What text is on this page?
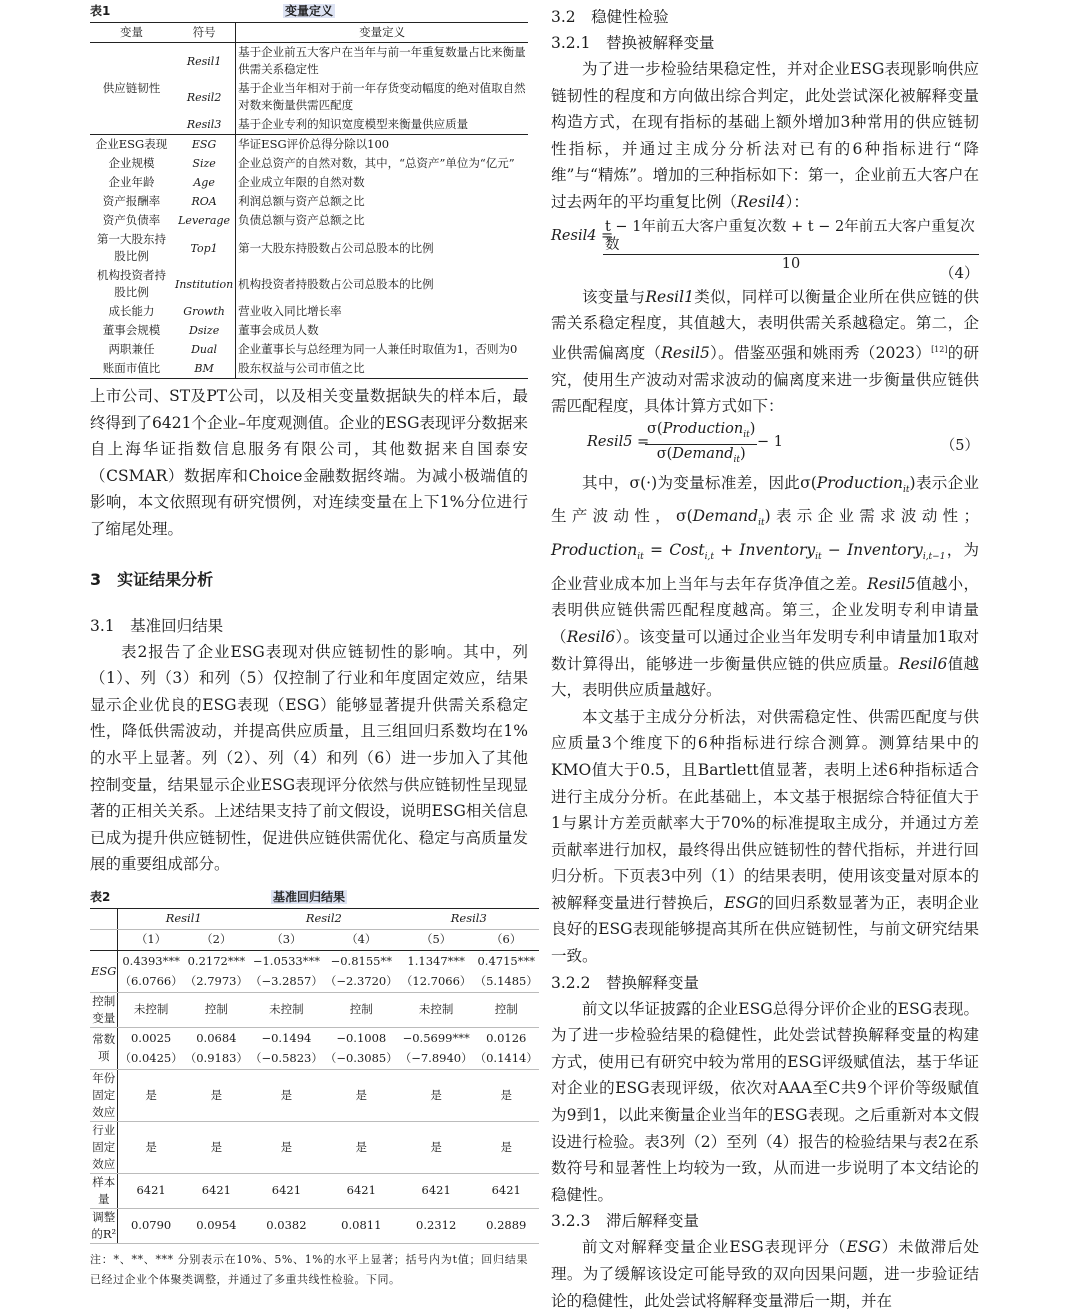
表1	变量定义
变量	符号	变量定义
供应链韧性	Resil1	基于企业前五大客户在当年与前一年重复数量占比来衡量供需关系稳定性
	Resil2	基于企业当年相对于前一年存货变动幅度的绝对值取自然对数来衡量供需匹配度
	Resil3	基于企业专利的知识宽度模型来衡量供应质量
企业ESG表现	ESG	华证ESG评价总得分除以100
企业规模	Size	企业总资产的自然对数，其中，“总资产”单位为“亿元”
企业年龄	Age	企业成立年限的自然对数
资产报酬率	ROA	利润总额与资产总额之比
资产负债率	Leverage	负债总额与资产总额之比
第一大股东持股比例	Top1	第一大股东持股数占公司总股本的比例
机构投资者持股比例	Institution	机构投资者持股数占公司总股本的比例
成长能力	Growth	营业收入同比增长率
董事会规模	Dsize	董事会成员人数
两职兼任	Dual	企业董事长与总经理为同一人兼任时取值为1，否则为0
账面市值比	BM	股东权益与公司市值之比

上市公司、ST及PT公司，以及相关变量数据缺失的样本后，最终得到了6421个企业–年度观测值。企业的ESG表现评分数据来自上海华证指数信息服务有限公司，其他数据来自国泰安（CSMAR）数据库和Choice金融数据终端。为减小极端值的影响，本文依照现有研究惯例，对连续变量在上下1%分位进行了缩尾处理。

3　实证结果分析
3.1　基准回归结果

表2报告了企业ESG表现对供应链韧性的影响。其中，列（1）、列（3）和列（5）仅控制了行业和年度固定效应，结果显示企业优良的ESG表现（ESG）能够显著提升供需关系稳定性，降低供需波动，并提高供应质量，且三组回归系数均在1%的水平上显著。列（2）、列（4）和列（6）进一步加入了其他控制变量，结果显示企业ESG表现评分依然与供应链韧性呈现显著的正相关关系。上述结果支持了前文假设，说明ESG相关信息已成为提升供应链韧性，促进供应链供需优化、稳定与高质量发展的重要组成部分。

表2	基准回归结果
	Resil1		Resil2		Resil3	
	（1）	（2）	（3）	（4）	（5）	（6）
ESG	0.4393***	0.2172***	−1.0533***	−0.8155**	1.1347***	0.4715***
	（6.0766）	（2.7973）	（−3.2857）	（−2.3720）	（12.7066）	（5.1485）
控制变量	未控制	控制	未控制	控制	未控制	控制
常数项	0.0025	0.0684	−0.1494	−0.1008	−0.5699***	0.0126
	（0.0425）	（0.9183）	（−0.5823）	（−0.3085）	（−7.8940）	（0.1414）
年份固定效应	是	是	是	是	是	是
行业固定效应	是	是	是	是	是	是
样本量	6421	6421	6421	6421	6421	6421
调整的R²	0.0790	0.0954	0.0382	0.0811	0.2312	0.2889

注：*、**、*** 分别表示在10%、5%、1%的水平上显著；括号内为t值；回归结果已经过企业个体聚类调整，并通过了多重共线性检验。下同。

3.2　稳健性检验
3.2.1　替换被解释变量

为了进一步检验结果稳定性，并对企业ESG表现影响供应链韧性的程度和方向做出综合判定，此处尝试深化被解释变量构造方式，在现有指标的基础上额外增加3种常用的供应链韧性指标，并通过主成分分析法对已有的6种指标进行“降维”与“精炼”。增加的三种指标如下：第一，企业前五大客户在过去两年的平均重复比例（Resil4）：

Resil4 =
t − 1年前五大客户重复次数 + t − 2年前五大客户重复次数
10	（4）

该变量与Resil1类似，同样可以衡量企业所在供应链的供需关系稳定程度，其值越大，表明供需关系越稳定。第二，企业供需偏离度（Resil5）。借鉴巫强和姚雨秀（2023）[12]的研究，使用生产波动对需求波动的偏离度来进一步衡量供应链供需匹配程度，具体计算方式如下：

Resil5 =
σ(Production$_{it}$)
σ(Demand$_{it}$)
− 1	（5）

其中，σ(·)为变量标准差，因此σ(Production$_{it}$)表示企业生产波动性，σ(Demand$_{it}$)表示企业需求波动性；Production$_{it}$ = Cost$_{i,t}$ + Inventory$_{it}$ − Inventory$_{i,t-1}$，为企业营业成本加上当年与去年存货净值之差。Resil5值越小，表明供应链供需匹配程度越高。第三，企业发明专利申请量（Resil6）。该变量可以通过企业当年发明专利申请量加1取对数计算得出，能够进一步衡量供应链的供应质量。Resil6值越大，表明供应质量越好。

本文基于主成分分析法，对供需稳定性、供需匹配度与供应质量3个维度下的6种指标进行综合测算。测算结果中的KMO值大于0.5，且Bartlett值显著，表明上述6种指标适合进行主成分分析。在此基础上，本文基于根据综合特征值大于1与累计方差贡献率大于70%的标准提取主成分，并通过方差贡献率进行加权，最终得出供应链韧性的替代指标，并进行回归分析。下页表3中列（1）的结果表明，使用该变量对原本的被解释变量进行替换后，ESG的回归系数显著为正，表明企业良好的ESG表现能够提高其所在供应链韧性，与前文研究结果一致。

3.2.2　替换解释变量

前文以华证披露的企业ESG总得分评价企业的ESG表现。为了进一步检验结果的稳健性，此处尝试替换解释变量的构建方式，使用已有研究中较为常用的ESG评级赋值法，基于华证对企业的ESG表现评级，依次对AAA至C共9个评价等级赋值为9到1，以此来衡量企业当年的ESG表现。之后重新对本文假设进行检验。表3列（2）至列（4）报告的检验结果与表2在系数符号和显著性上均较为一致，从而进一步说明了本文结论的稳健性。

3.2.3　滞后解释变量

前文对解释变量企业ESG表现评分（ESG）未做滞后处理。为了缓解该设定可能导致的双向因果问题，进一步验证结论的稳健性，此处尝试将解释变量滞后一期，并在
